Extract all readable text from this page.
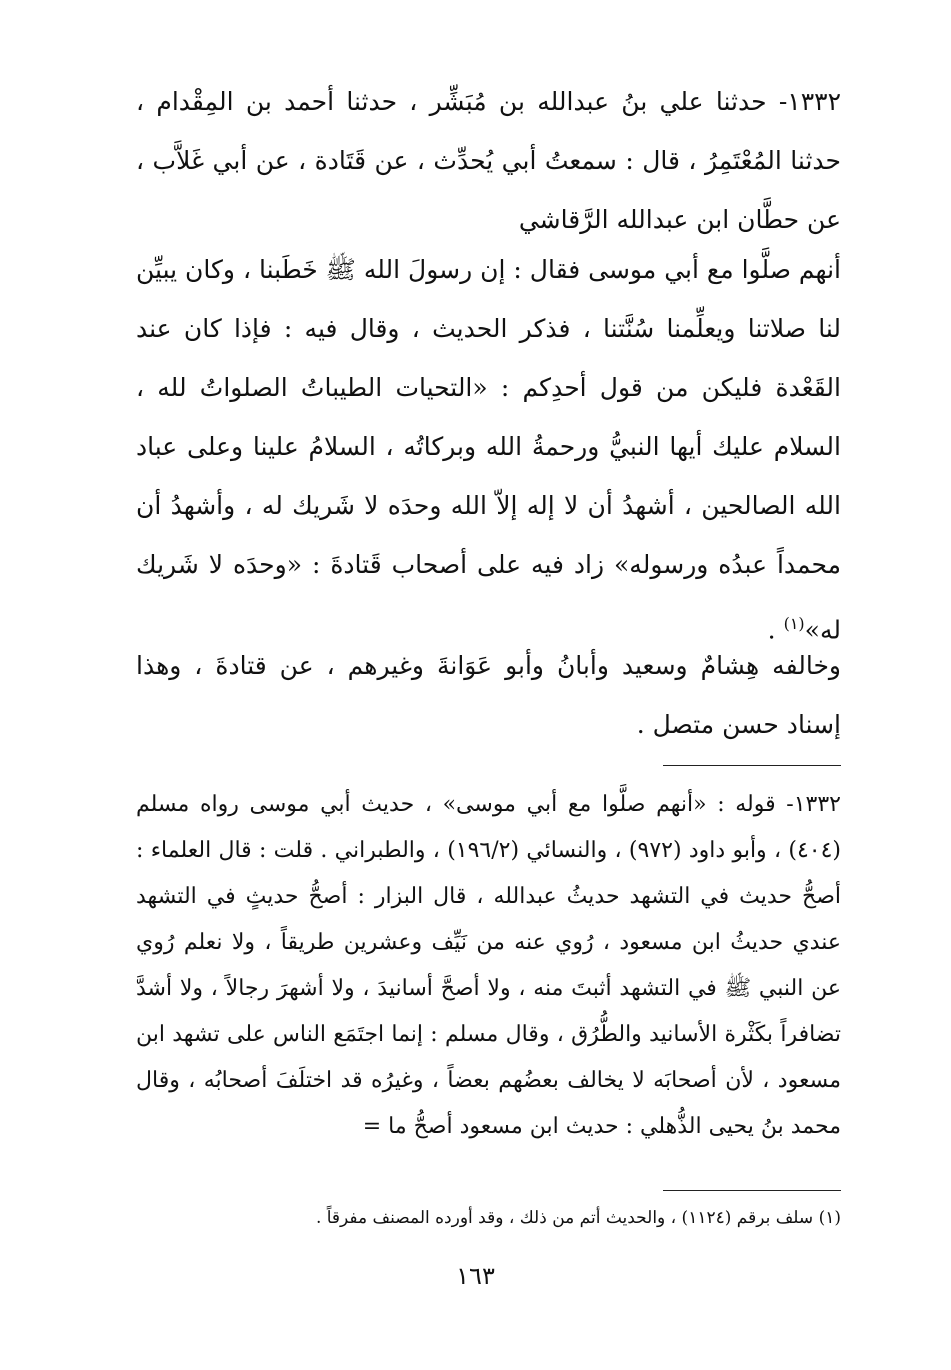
١٣٣٢- حدثنا علي بنُ عبدالله بن مُبَشِّر ، حدثنا أحمد بن المِقْدام ، حدثنا المُعْتَمِرُ ، قال : سمعتُ أبي يُحدِّث ، عن قَتَادة ، عن أبي غَلاَّب ، عن حطَّان ابن عبدالله الرَّقاشي

أنهم صلَّوا مع أبي موسى فقال : إن رسولَ الله ﷺ خَطَبنا ، وكان يبيِّن لنا صلاتنا ويعلِّمنا سُنَّتنا ، فذكر الحديث ، وقال فيه : فإذا كان عند القَعْدة فليكن من قول أحدِكم : «التحيات الطيباتُ الصلواتُ لله ، السلام عليك أيها النبيُّ ورحمةُ الله وبركاتُه ، السلامُ علينا وعلى عباد الله الصالحين ، أشهدُ أن لا إله إلاّ الله وحدَه لا شَريك له ، وأشهدُ أن محمداً عبدُه ورسوله» زاد فيه على أصحاب قَتادةَ : «وحدَه لا شَريك له»$^{(١)}$ .

وخالفه هِشامٌ وسعيد وأبانُ وأبو عَوَانةَ وغيرهم ، عن قتادةَ ، وهذا إسناد حسن متصل .

١٣٣٢- قوله : «أنهم صلَّوا مع أبي موسى» ، حديث أبي موسى رواه مسلم (٤٠٤) ، وأبو داود (٩٧٢) ، والنسائي (١٩٦/٢) ، والطبراني . قلت : قال العلماء : أصحُّ حديث في التشهد حديثُ عبدالله ، قال البزار : أصحُّ حديثٍ في التشهد عندي حديثُ ابن مسعود ، رُوي عنه من نَيِّف وعشرين طريقاً ، ولا نعلم رُوي عن النبي ﷺ في التشهد أثبتَ منه ، ولا أصحَّ أسانيدَ ، ولا أشهرَ رجالاً ، ولا أشدَّ تضافراً بكَثْرة الأسانيد والطُّرُق ، وقال مسلم : إنما اجتَمَع الناس على تشهد ابن مسعود ، لأن أصحابَه لا يخالف بعضُهم بعضاً ، وغيرُه قد اختلَفَ أصحابُه ، وقال محمد بنُ يحيى الذُّهلي : حديث ابن مسعود أصحُّ ما =

(١) سلف برقم (١١٢٤) ، والحديث أتم من ذلك ، وقد أورده المصنف مفرقاً .

١٦٣
